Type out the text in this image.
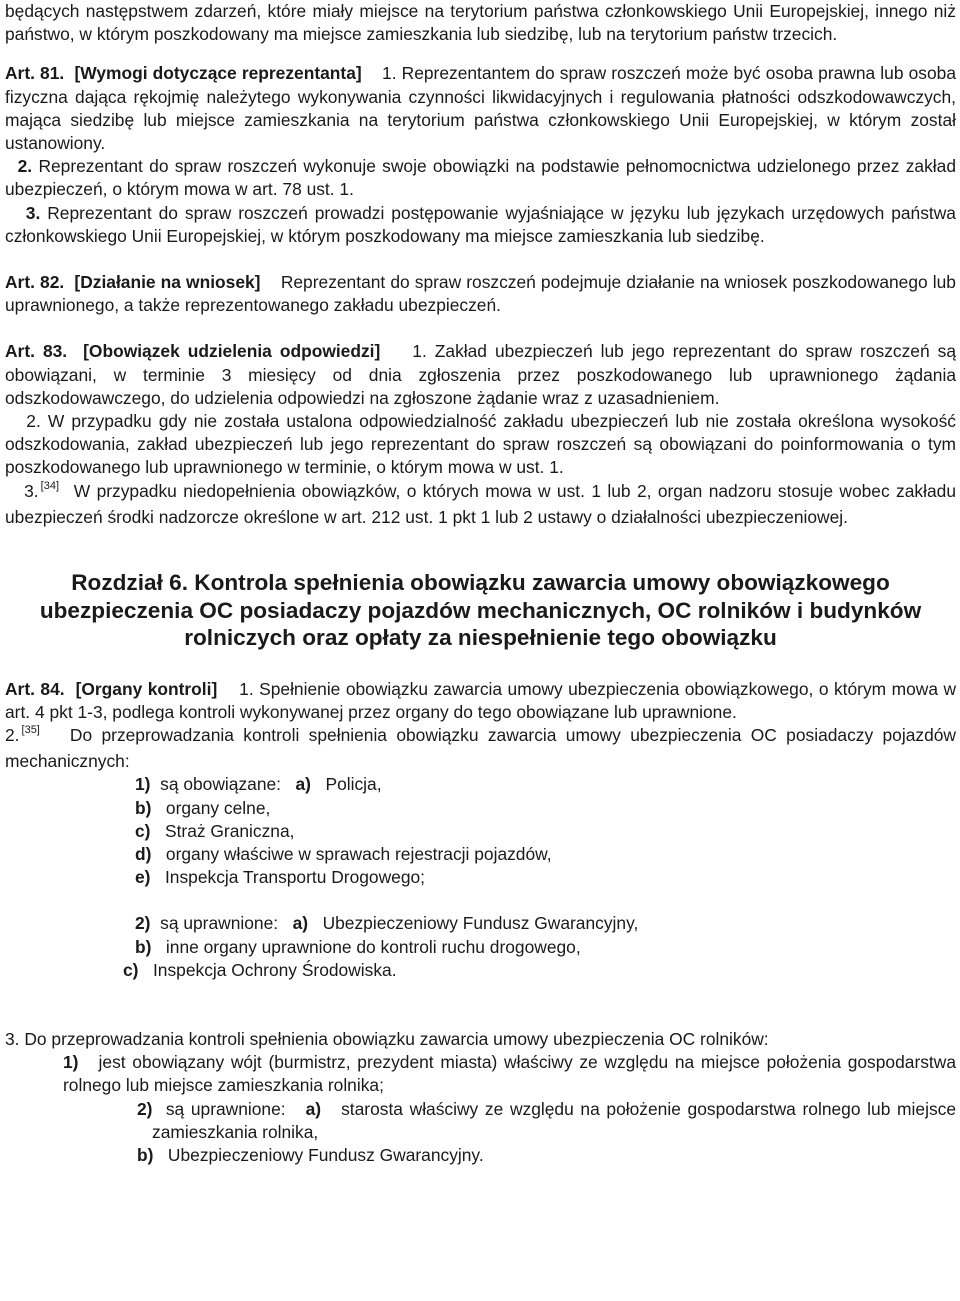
będących następstwem zdarzeń, które miały miejsce na terytorium państwa członkowskiego Unii Europejskiej, innego niż państwo, w którym poszkodowany ma miejsce zamieszkania lub siedzibę, lub na terytorium państw trzecich.

Art. 81. [Wymogi dotyczące reprezentanta] 1. Reprezentantem do spraw roszczeń może być osoba prawna lub osoba fizyczna dająca rękojmię należytego wykonywania czynności likwidacyjnych i regulowania płatności odszkodowawczych, mająca siedzibę lub miejsce zamieszkania na terytorium państwa członkowskiego Unii Europejskiej, w którym został ustanowiony.

2. Reprezentant do spraw roszczeń wykonuje swoje obowiązki na podstawie pełnomocnictwa udzielonego przez zakład ubezpieczeń, o którym mowa w art. 78 ust. 1.

3. Reprezentant do spraw roszczeń prowadzi postępowanie wyjaśniające w języku lub językach urzędowych państwa członkowskiego Unii Europejskiej, w którym poszkodowany ma miejsce zamieszkania lub siedzibę.

Art. 82. [Działanie na wniosek] Reprezentant do spraw roszczeń podejmuje działanie na wniosek poszkodowanego lub uprawnionego, a także reprezentowanego zakładu ubezpieczeń.

Art. 83. [Obowiązek udzielenia odpowiedzi] 1. Zakład ubezpieczeń lub jego reprezentant do spraw roszczeń są obowiązani, w terminie 3 miesięcy od dnia zgłoszenia przez poszkodowanego lub uprawnionego żądania odszkodowawczego, do udzielenia odpowiedzi na zgłoszone żądanie wraz z uzasadnieniem.

2. W przypadku gdy nie została ustalona odpowiedzialność zakładu ubezpieczeń lub nie została określona wysokość odszkodowania, zakład ubezpieczeń lub jego reprezentant do spraw roszczeń są obowiązani do poinformowania o tym poszkodowanego lub uprawnionego w terminie, o którym mowa w ust. 1.

3. [34] W przypadku niedopełnienia obowiązków, o których mowa w ust. 1 lub 2, organ nadzoru stosuje wobec zakładu ubezpieczeń środki nadzorcze określone w art. 212 ust. 1 pkt 1 lub 2 ustawy o działalności ubezpieczeniowej.

Rozdział 6. Kontrola spełnienia obowiązku zawarcia umowy obowiązkowego

ubezpieczenia OC posiadaczy pojazdów mechanicznych, OC rolników i budynków

rolniczych oraz opłaty za niespełnienie tego obowiązku

Art. 84. [Organy kontroli] 1. Spełnienie obowiązku zawarcia umowy ubezpieczenia obowiązkowego, o którym mowa w art. 4 pkt 1-3, podlega kontroli wykonywanej przez organy do tego obowiązane lub uprawnione.

2. [35] Do przeprowadzania kontroli spełnienia obowiązku zawarcia umowy ubezpieczenia OC posiadaczy pojazdów mechanicznych:

1) są obowiązane: a) Policja,

b) organy celne,

c) Straż Graniczna,

d) organy właściwe w sprawach rejestracji pojazdów,

e) Inspekcja Transportu Drogowego;

2) są uprawnione: a) Ubezpieczeniowy Fundusz Gwarancyjny,

b) inne organy uprawnione do kontroli ruchu drogowego,

c) Inspekcja Ochrony Środowiska.

3. Do przeprowadzania kontroli spełnienia obowiązku zawarcia umowy ubezpieczenia OC rolników:

1) jest obowiązany wójt (burmistrz, prezydent miasta) właściwy ze względu na miejsce położenia gospodarstwa rolnego lub miejsce zamieszkania rolnika;

2) są uprawnione: a) starosta właściwy ze względu na położenie gospodarstwa rolnego lub miejsce zamieszkania rolnika,

b) Ubezpieczeniowy Fundusz Gwarancyjny.
